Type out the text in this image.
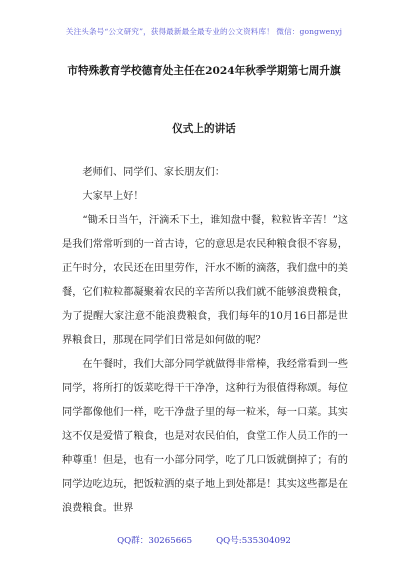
关注头条号“公文研究”，获得最新最全最专业的公文资料库！ 微信：gongwenyj
市特殊教育学校德育处主任在2024年秋季学期第七周升旗
仪式上的讲话

老师们、同学们、家长朋友们：

大家早上好！

“锄禾日当午，汗滴禾下土，谁知盘中餐，粒粒皆辛苦！”这是我们常常听到的一首古诗，它的意思是农民种粮食很不容易，正午时分，农民还在田里劳作，汗水不断的滴落，我们盘中的美餐，它们粒粒都凝聚着农民的辛苦所以我们就不能够浪费粮食，为了提醒大家注意不能浪费粮食，我们每年的10月16日都是世界粮食日，那现在同学们日常是如何做的呢？

在午餐时，我们大部分同学就做得非常棒，我经常看到一些同学，将所打的饭菜吃得干干净净，这种行为很值得称颂。每位同学都像他们一样，吃干净盘子里的每一粒米，每一口菜。其实这不仅是爱惜了粮食，也是对农民伯伯，食堂工作人员工作的一种尊重！但是，也有一小部分同学，吃了几口饭就倒掉了；有的同学边吃边玩，把饭粒洒的桌子地上到处都是！其实这些都是在浪费粮食。世界

QQ群：30265665	QQ号:535304092
